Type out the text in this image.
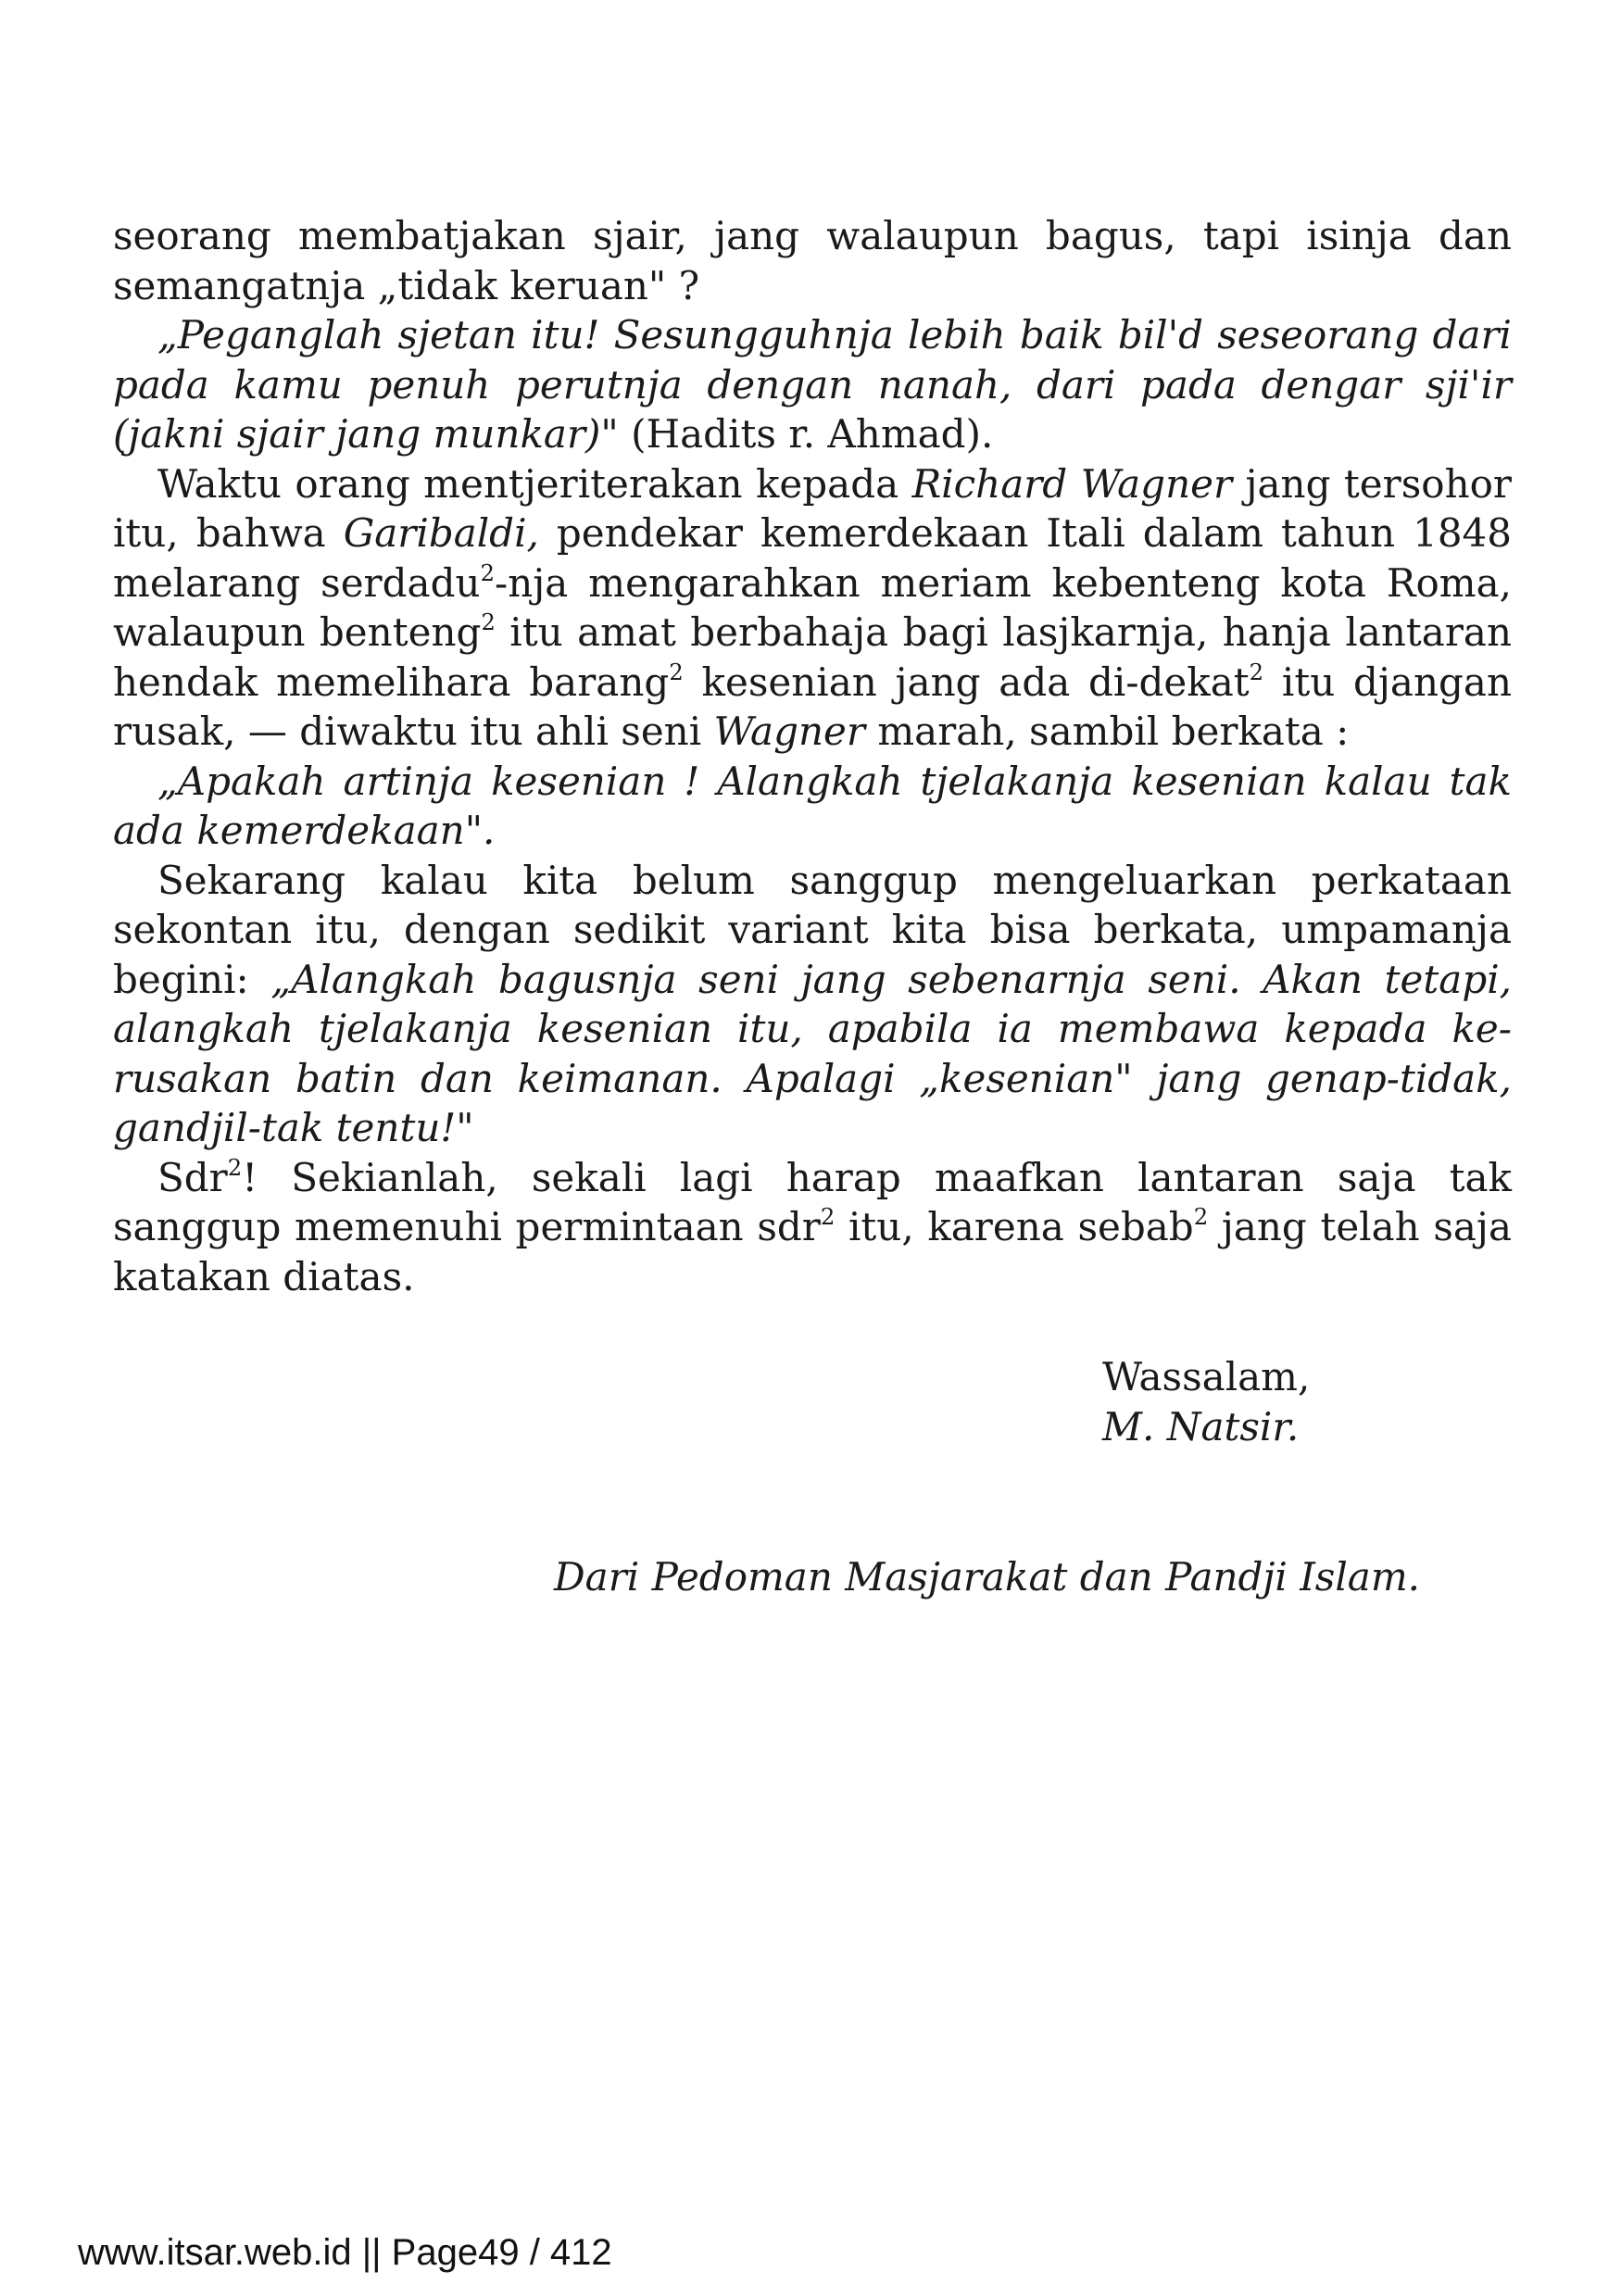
seorang membatjakan sjair, jang walaupun bagus, tapi isinja dan semangatnja „tidak keruan" ?

„Peganglah sjetan itu! Sesungguhnja lebih baik bil'd seseorang dari pada kamu penuh perutnja dengan nanah, dari pada dengar sji'ir (jakni sjair jang munkar)" (Hadits r. Ahmad).

Waktu orang mentjeriterakan kepada Richard Wagner jang tersohor itu, bahwa Garibaldi, pendekar kemerdekaan Itali dalam tahun 1848 melarang serdadu$^2$-nja mengarahkan meriam kebenteng kota Roma, walaupun benteng$^2$ itu amat berbahaja bagi lasjkarnja, hanja lantaran hendak memelihara barang$^2$ kesenian jang ada di-dekat$^2$ itu djangan rusak, — diwaktu itu ahli seni Wagner marah, sambil berkata :

„Apakah artinja kesenian ! Alangkah tjelakanja kesenian kalau tak ada kemerdekaan".

Sekarang kalau kita belum sanggup mengeluarkan perkataan sekontan itu, dengan sedikit variant kita bisa berkata, umpamanja begini: „Alangkah bagusnja seni jang sebenarnja seni. Akan tetapi, alangkah tjelakanja kesenian itu, apabila ia membawa kepada kerusakan batin dan keimanan. Apalagi „kesenian" jang genap-tidak, gandjil-tak tentu!"

Sdr$^2$! Sekianlah, sekali lagi harap maafkan lantaran saja tak sanggup memenuhi permintaan sdr$^2$ itu, karena sebab$^2$ jang telah saja katakan diatas.

Wassalam,
M. Natsir.
Dari Pedoman Masjarakat dan Pandji Islam.
www.itsar.web.id || Page49 / 412
